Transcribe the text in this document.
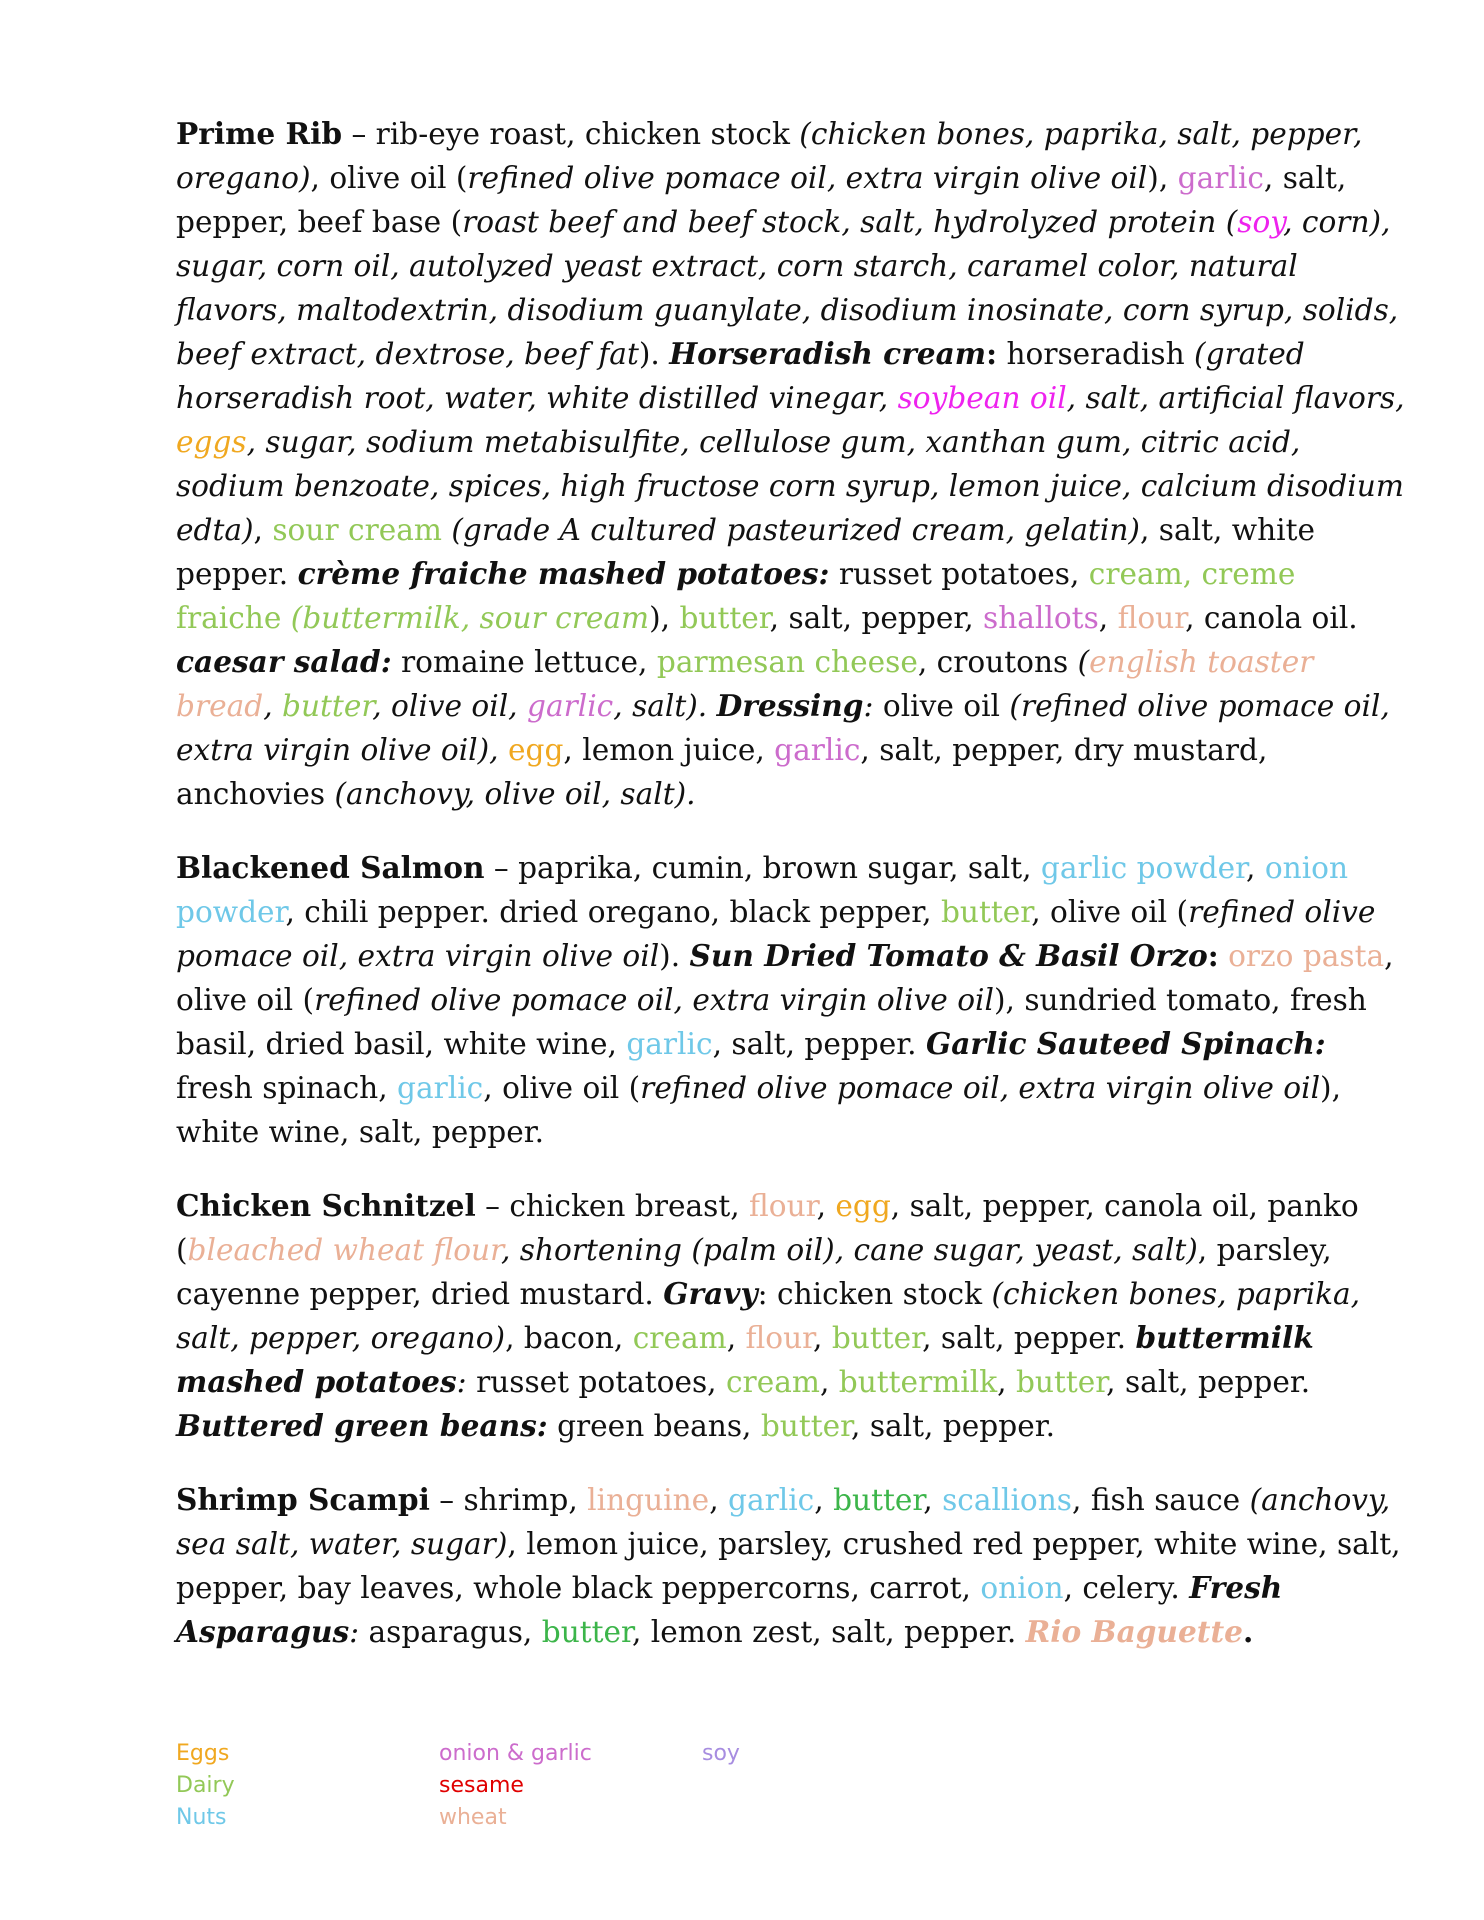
Prime Rib – rib-eye roast, chicken stock (chicken bones, paprika, salt, pepper, oregano), olive oil (refined olive pomace oil, extra virgin olive oil), garlic, salt, pepper, beef base (roast beef and beef stock, salt, hydrolyzed protein (soy, corn), sugar, corn oil, autolyzed yeast extract, corn starch, caramel color, natural flavors, maltodextrin, disodium guanylate, disodium inosinate, corn syrup, solids, beef extract, dextrose, beef fat). Horseradish cream: horseradish (grated horseradish root, water, white distilled vinegar, soybean oil, salt, artificial flavors, eggs, sugar, sodium metabisulfite, cellulose gum, xanthan gum, citric acid, sodium benzoate, spices, high fructose corn syrup, lemon juice, calcium disodium edta), sour cream (grade A cultured pasteurized cream, gelatin), salt, white pepper. crème fraiche mashed potatoes: russet potatoes, cream, creme fraiche (buttermilk, sour cream), butter, salt, pepper, shallots, flour, canola oil. caesar salad: romaine lettuce, parmesan cheese, croutons (english toaster bread, butter, olive oil, garlic, salt). Dressing: olive oil (refined olive pomace oil, extra virgin olive oil), egg, lemon juice, garlic, salt, pepper, dry mustard, anchovies (anchovy, olive oil, salt).

Blackened Salmon – paprika, cumin, brown sugar, salt, garlic powder, onion powder, chili pepper. dried oregano, black pepper, butter, olive oil (refined olive pomace oil, extra virgin olive oil). Sun Dried Tomato & Basil Orzo: orzo pasta, olive oil (refined olive pomace oil, extra virgin olive oil), sundried tomato, fresh basil, dried basil, white wine, garlic, salt, pepper. Garlic Sauteed Spinach: fresh spinach, garlic, olive oil (refined olive pomace oil, extra virgin olive oil), white wine, salt, pepper.

Chicken Schnitzel – chicken breast, flour, egg, salt, pepper, canola oil, panko (bleached wheat flour, shortening (palm oil), cane sugar, yeast, salt), parsley, cayenne pepper, dried mustard. Gravy: chicken stock (chicken bones, paprika, salt, pepper, oregano), bacon, cream, flour, butter, salt, pepper. buttermilk mashed potatoes: russet potatoes, cream, buttermilk, butter, salt, pepper. Buttered green beans: green beans, butter, salt, pepper.

Shrimp Scampi – shrimp, linguine, garlic, butter, scallions, fish sauce (anchovy, sea salt, water, sugar), lemon juice, parsley, crushed red pepper, white wine, salt, pepper, bay leaves, whole black peppercorns, carrot, onion, celery. Fresh Asparagus: asparagus, butter, lemon zest, salt, pepper. Rio Baguette.

Eggs
Dairy
Nuts
onion & garlic
sesame
wheat
soy
